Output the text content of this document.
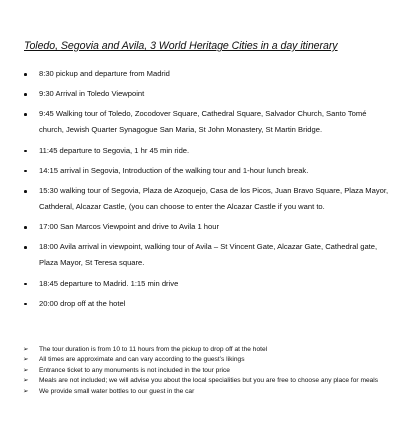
Toledo, Segovia and Avila, 3 World Heritage Cities in a day itinerary
8:30 pickup and departure from Madrid
9:30 Arrival in Toledo Viewpoint
9:45 Walking tour of Toledo, Zocodover Square, Cathedral Square, Salvador Church, Santo Tomé church, Jewish Quarter Synagogue San Maria, St John Monastery, St Martin Bridge.
11:45 departure to Segovia, 1 hr 45 min ride.
14:15 arrival in Segovia, Introduction of the walking tour and 1-hour lunch break.
15:30 walking tour of Segovia, Plaza de Azoquejo, Casa de los Picos, Juan Bravo Square, Plaza Mayor, Cathderal, Alcazar Castle, (you can choose to enter the Alcazar Castle if you want to.
17:00 San Marcos Viewpoint and drive to Avila 1 hour
18:00 Avila arrival in viewpoint, walking tour of Avila – St Vincent Gate, Alcazar Gate, Cathedral gate, Plaza Mayor, St Teresa square.
18:45 departure to Madrid. 1:15 min drive
20:00 drop off at the hotel
➢ The tour duration is from 10 to 11 hours from the pickup to drop off at the hotel
➢ All times are approximate and can vary according to the guest’s likings
➢ Entrance ticket to any monuments is not included in the tour price
➢ Meals are not included; we will advise you about the local specialities but you are free to choose any place for meals
➢ We provide small water bottles to our guest in the car
